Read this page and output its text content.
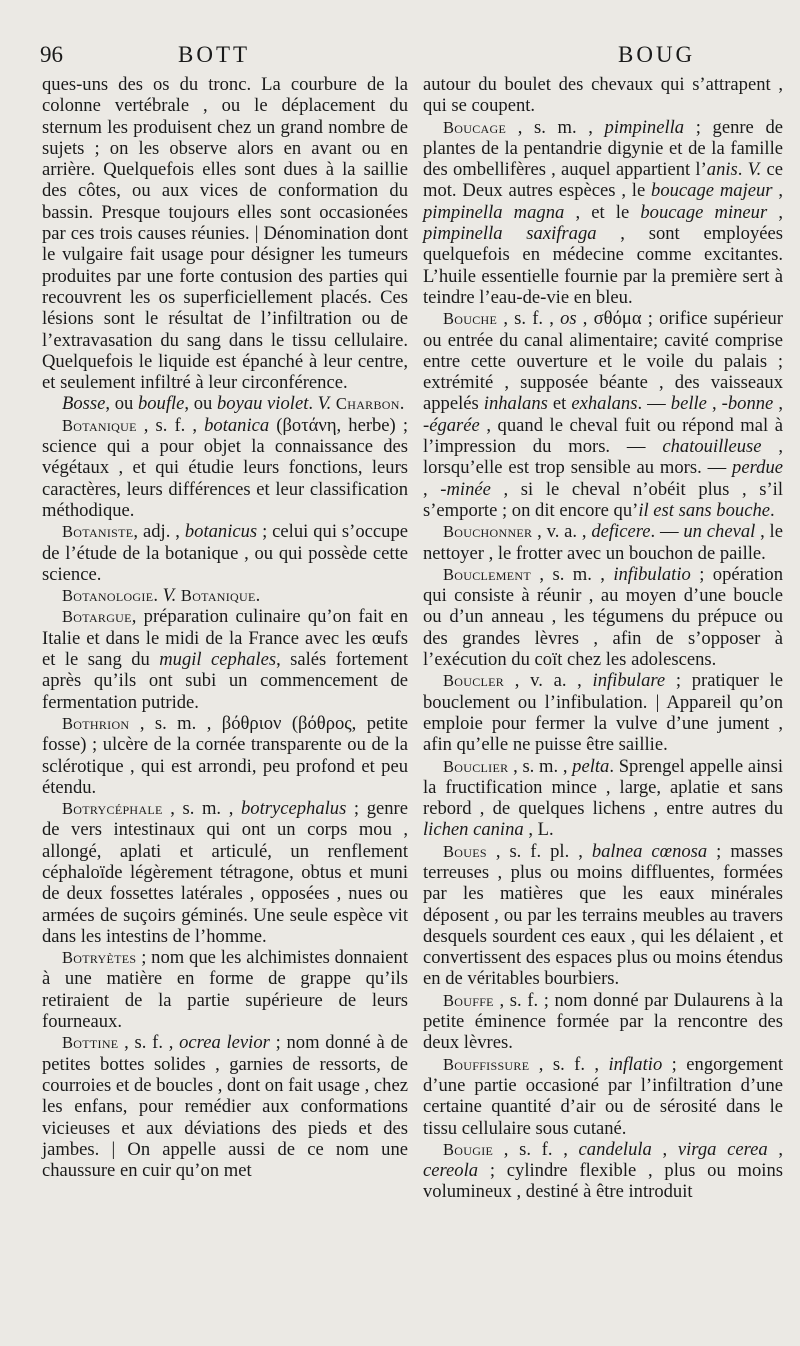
96	BOTT	BOUG

ques-uns des os du tronc. La courbure de la colonne vertébrale , ou le déplacement du sternum les produisent chez un grand nombre de sujets ; on les observe alors en avant ou en arrière. Quelquefois elles sont dues à la saillie des côtes, ou aux vices de conformation du bassin. Presque toujours elles sont occasionées par ces trois causes réunies. | Dénomination dont le vulgaire fait usage pour désigner les tumeurs produites par une forte contusion des parties qui recouvrent les os superficiellement placés. Ces lésions sont le résultat de l’infiltration ou de l’extravasation du sang dans le tissu cellulaire. Quelquefois le liquide est épanché à leur centre, et seulement infiltré à leur circonférence.

Bosse, ou boufle, ou boyau violet. V. Charbon.

Botanique , s. f. , botanica (βοτάνη, herbe) ; science qui a pour objet la connaissance des végétaux , et qui étudie leurs fonctions, leurs caractères, leurs différences et leur classification méthodique.

Botaniste, adj. , botanicus ; celui qui s’occupe de l’étude de la botanique , ou qui possède cette science.

Botanologie. V. Botanique.

Botargue, préparation culinaire qu’on fait en Italie et dans le midi de la France avec les œufs et le sang du mugil cephales, salés fortement après qu’ils ont subi un commencement de fermentation putride.

Bothrion , s. m. , βόθριον (βόθρος, petite fosse) ; ulcère de la cornée transparente ou de la sclérotique , qui est arrondi, peu profond et peu étendu.

Botrycéphale , s. m. , botrycephalus ; genre de vers intestinaux qui ont un corps mou , allongé, aplati et articulé, un renflement céphaloïde légèrement tétragone, obtus et muni de deux fossettes latérales , opposées , nues ou armées de suçoirs géminés. Une seule espèce vit dans les intestins de l’homme.

Botryètes ; nom que les alchimistes donnaient à une matière en forme de grappe qu’ils retiraient de la partie supérieure de leurs fourneaux.

Bottine , s. f. , ocrea levior ; nom donné à de petites bottes solides , garnies de ressorts, de courroies et de boucles , dont on fait usage , chez les enfans, pour remédier aux conformations vicieuses et aux déviations des pieds et des jambes. | On appelle aussi de ce nom une chaussure en cuir qu’on met

autour du boulet des chevaux qui s’attrapent , qui se coupent.

Boucage , s. m. , pimpinella ; genre de plantes de la pentandrie digynie et de la famille des ombellifères , auquel appartient l’anis. V. ce mot. Deux autres espèces , le boucage majeur , pimpinella magna , et le boucage mineur , pimpinella saxifraga , sont employées quelquefois en médecine comme excitantes. L’huile essentielle fournie par la première sert à teindre l’eau-de-vie en bleu.

Bouche , s. f. , os , σθόμα ; orifice supérieur ou entrée du canal alimentaire; cavité comprise entre cette ouverture et le voile du palais ; extrémité , supposée béante , des vaisseaux appelés inhalans et exhalans. — belle , -bonne , -égarée , quand le cheval fuit ou répond mal à l’impression du mors. — chatouilleuse , lorsqu’elle est trop sensible au mors. — perdue , -minée , si le cheval n’obéit plus , s’il s’emporte ; on dit encore qu’il est sans bouche.

Bouchonner , v. a. , deficere. — un cheval , le nettoyer , le frotter avec un bouchon de paille.

Bouclement , s. m. , infibulatio ; opération qui consiste à réunir , au moyen d’une boucle ou d’un anneau , les tégumens du prépuce ou des grandes lèvres , afin de s’opposer à l’exécution du coït chez les adolescens.

Boucler , v. a. , infibulare ; pratiquer le bouclement ou l’infibulation. | Appareil qu’on emploie pour fermer la vulve d’une jument , afin qu’elle ne puisse être saillie.

Bouclier , s. m. , pelta. Sprengel appelle ainsi la fructification mince , large, aplatie et sans rebord , de quelques lichens , entre autres du lichen canina , L.

Boues , s. f. pl. , balnea cœnosa ; masses terreuses , plus ou moins diffluentes, formées par les matières que les eaux minérales déposent , ou par les terrains meubles au travers desquels sourdent ces eaux , qui les délaient , et convertissent des espaces plus ou moins étendus en de véritables bourbiers.

Bouffe , s. f. ; nom donné par Dulaurens à la petite éminence formée par la rencontre des deux lèvres.

Bouffissure , s. f. , inflatio ; engorgement d’une partie occasioné par l’infiltration d’une certaine quantité d’air ou de sérosité dans le tissu cellulaire sous cutané.

Bougie , s. f. , candelula , virga cerea , cereola ; cylindre flexible , plus ou moins volumineux , destiné à être introduit
